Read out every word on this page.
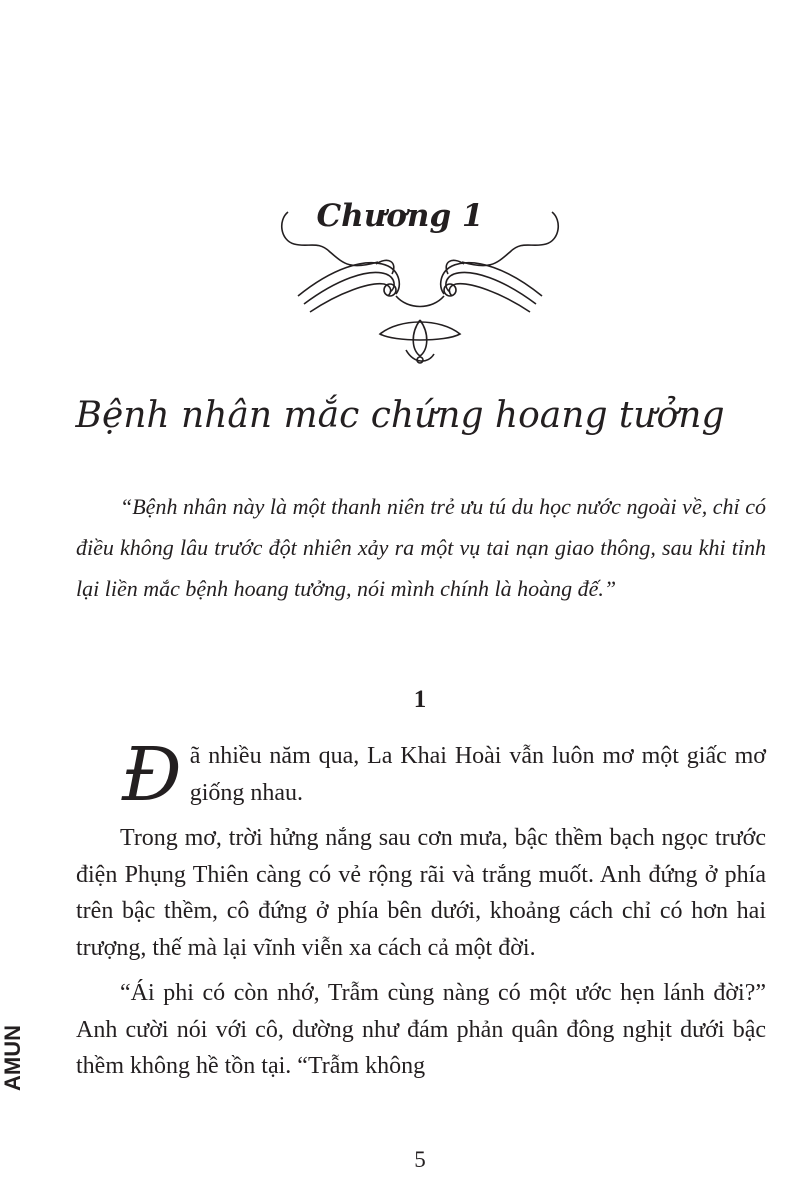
Chương 1
Bệnh nhân mắc chứng hoang tưởng

“Bệnh nhân này là một thanh niên trẻ ưu tú du học nước ngoài về, chỉ có điều không lâu trước đột nhiên xảy ra một vụ tai nạn giao thông, sau khi tỉnh lại liền mắc bệnh hoang tưởng, nói mình chính là hoàng đế.”

1

Đã nhiều năm qua, La Khai Hoài vẫn luôn mơ một giấc mơ giống nhau.

Trong mơ, trời hửng nắng sau cơn mưa, bậc thềm bạch ngọc trước điện Phụng Thiên càng có vẻ rộng rãi và trắng muốt. Anh đứng ở phía trên bậc thềm, cô đứng ở phía bên dưới, khoảng cách chỉ có hơn hai trượng, thế mà lại vĩnh viễn xa cách cả một đời.

“Ái phi có còn nhớ, Trẫm cùng nàng có một ước hẹn lánh đời?” Anh cười nói với cô, dường như đám phản quân đông nghịt dưới bậc thềm không hề tồn tại. “Trẫm không

AMUN
5
